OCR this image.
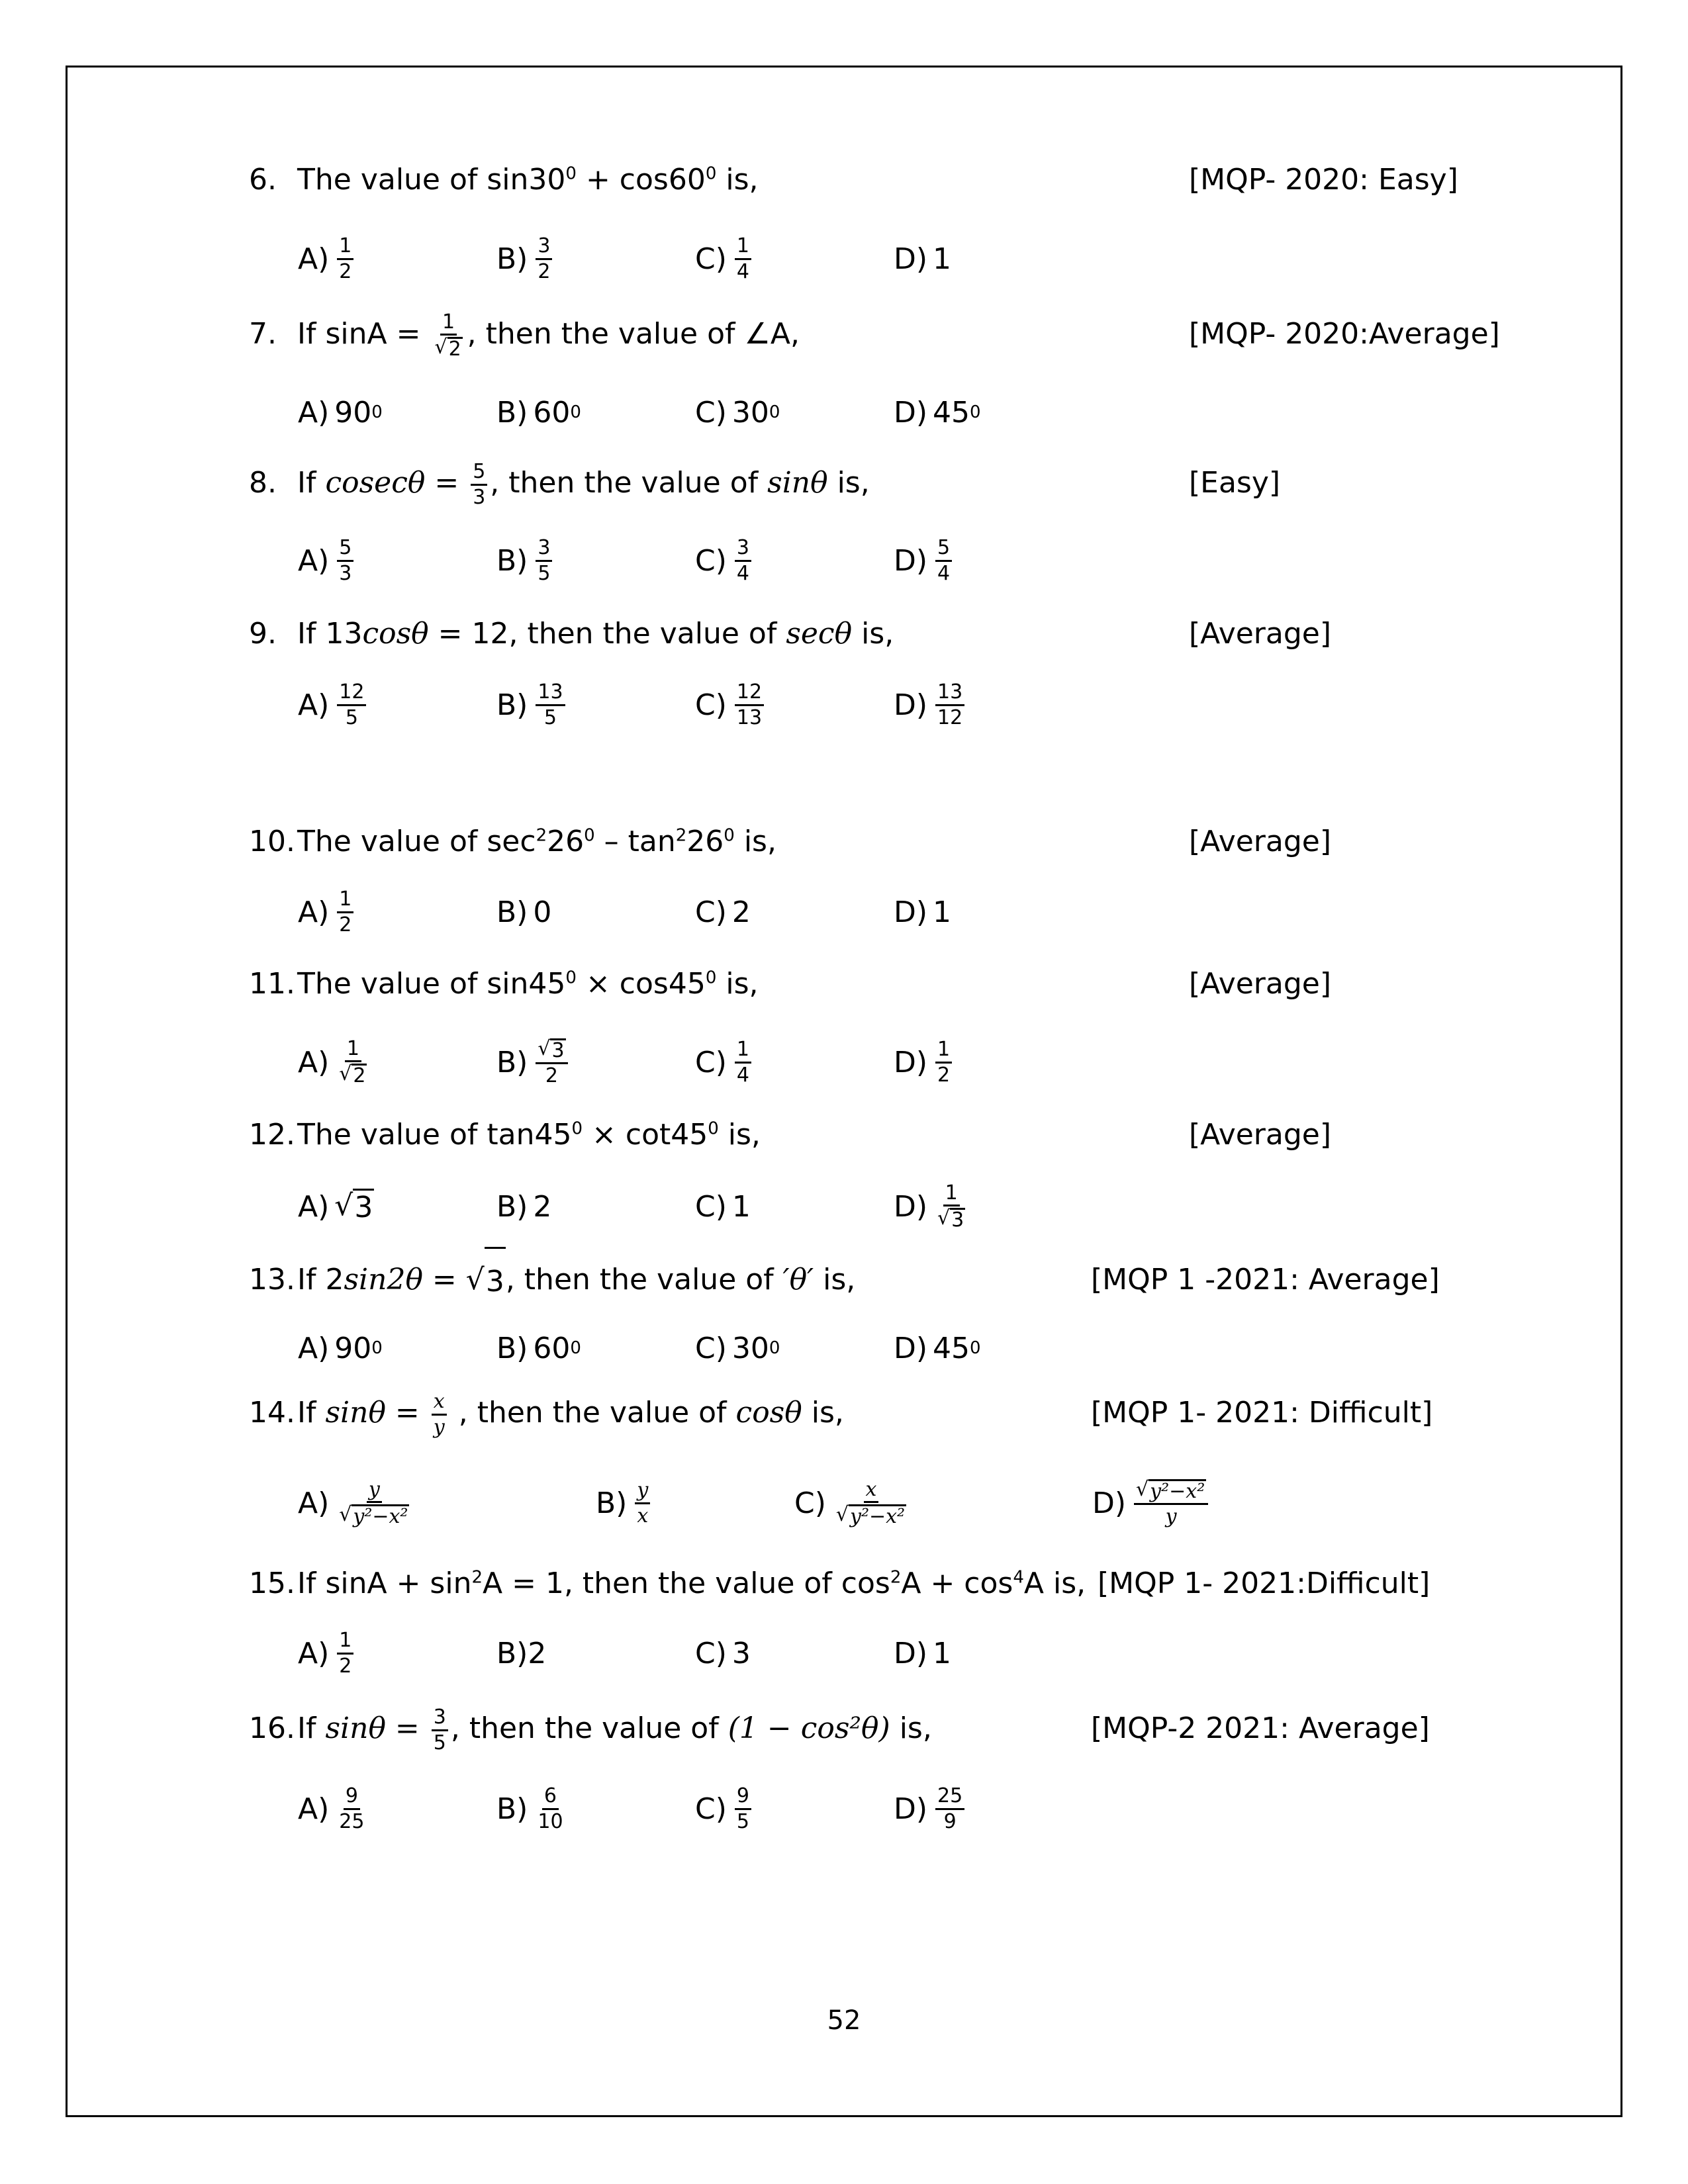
6. The value of $\sin 30^0 + \cos 60^0$ is,	[MQP- 2020: Easy]
$A) \frac{1}{2}$	$B) \frac{3}{2}$	$C) \frac{1}{4}$	D) 1
7. If $\sin A = \frac{1}{√ 2}$ , then the value of ∠A,	[MQP- 2020:Average]
A) 90 0	B) 60 0	C) 30 0	D) 45 0
8. If $cosec\theta = \frac{5}{3}$ , then the value of sinθ is,	[Easy]
$A) \frac{5}{3}$	$B) \frac{3}{5}$	$C) \frac{3}{4}$	$D) \frac{5}{4}$
9. If 13cosθ = 12, then the value of secθ is,	[Average]
$A) \frac{12}{5}$	$B) \frac{13}{5}$	$C) \frac{12}{13}$	$D) \frac{13}{12}$
10. The value of $\sec^226^0 - \tan^226^0$ is,	[Average]
$A) \frac{1}{2}$	B) 0	C) 2	D) 1
11. The value of $\sin 45^0 \times \cos 45^0$ is,	[Average]
$A) \frac{1}{√ 2}$	$B) \frac{√ 3}{2}$	$C) \frac{1}{4}$	$D) \frac{1}{2}$
12. The value of $\tan 45^0 \times \cot 45^0$ is,	[Average]
A) √ 3	B) 2	C) 1	$D) \frac{1}{√ 3}$
13. If 2sin2θ = √ 3 , then the value of ′θ′ is,	[MQP 1 -2021: Average]
A) 90 0	B) 60 0	C) 30 0	D) 45 0
14. If $\sin\theta = \frac{x}{y}$ , then the value of cosθ is,	[MQP 1- 2021: Difficult]
$A) \frac{y}{\text{√ y²−x²}}$	$B) \frac{y}{x}$	$C) \frac{x}{\text{√ y²−x²}}$	$D) \frac{\text{√ y²−x²}}{y}$
15. If $\sin A + \sin^2A = 1$, then the value of $\cos^2A + \cos^4A$ is, [MQP 1- 2021:Difficult]
$A) \frac{1}{2}$	B)2	C) 3	D) 1
16. If $\sin\theta = \frac{3}{5}$ , then the value of (1 − cos²θ) is,	[MQP-2 2021: Average]
$A) \frac{9}{25}$	$B) \frac{6}{10}$	$C) \frac{9}{5}$	$D) \frac{25}{9}$
52
